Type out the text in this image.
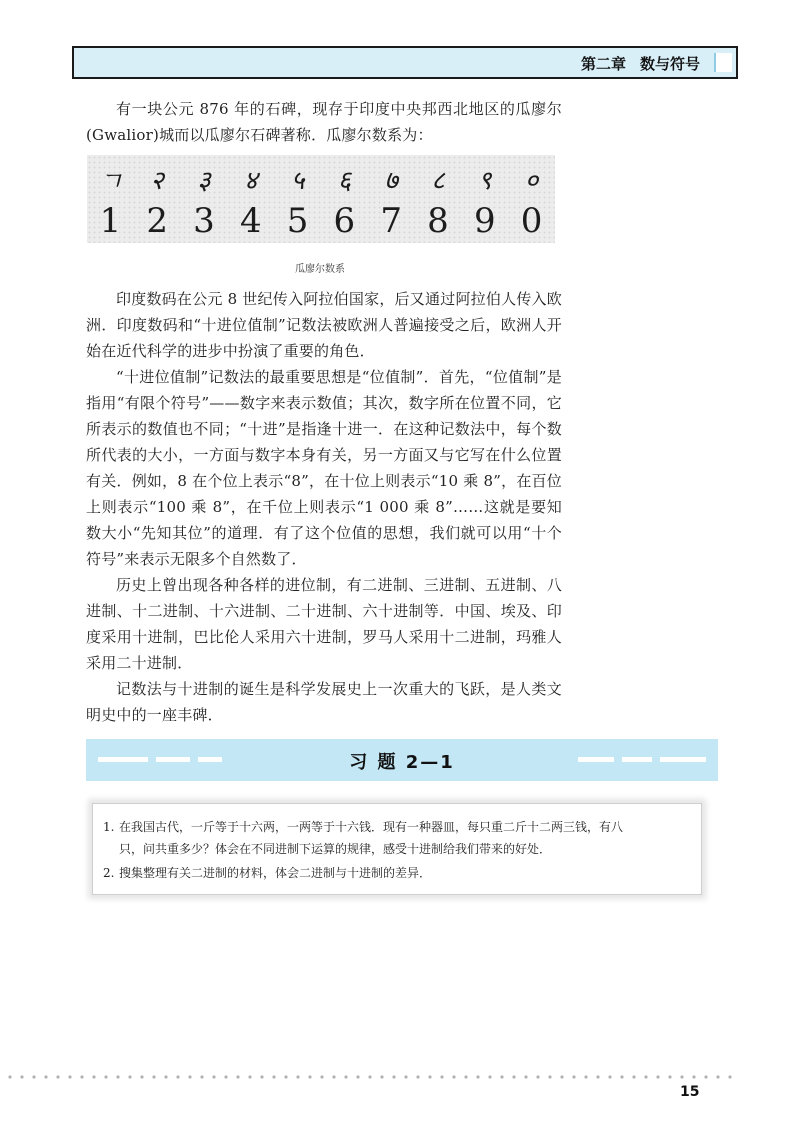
第二章 数与符号

有一块公元 876 年的石碑，现存于印度中央邦西北地区的瓜廖尔(Gwalior)城而以瓜廖尔石碑著称．瓜廖尔数系为：

ㄱ	२	३	४	५	६	७	८	९	०
1 2 3 4 5 6 7 8 9 0
瓜廖尔数系

印度数码在公元 8 世纪传入阿拉伯国家，后又通过阿拉伯人传入欧洲．印度数码和“十进位值制”记数法被欧洲人普遍接受之后，欧洲人开始在近代科学的进步中扮演了重要的角色．

“十进位值制”记数法的最重要思想是“位值制”．首先，“位值制”是指用“有限个符号”——数字来表示数值；其次，数字所在位置不同，它所表示的数值也不同；“十进”是指逢十进一．在这种记数法中，每个数所代表的大小，一方面与数字本身有关，另一方面又与它写在什么位置有关．例如，8 在个位上表示“8”，在十位上则表示“10 乘 8”，在百位上则表示“100 乘 8”，在千位上则表示“1 000 乘 8”……这就是要知数大小“先知其位”的道理．有了这个位值的思想，我们就可以用“十个符号”来表示无限多个自然数了．

历史上曾出现各种各样的进位制，有二进制、三进制、五进制、八进制、十二进制、十六进制、二十进制、六十进制等．中国、埃及、印度采用十进制，巴比伦人采用六十进制，罗马人采用十二进制，玛雅人采用二十进制．

记数法与十进制的诞生是科学发展史上一次重大的飞跃，是人类文明史中的一座丰碑．

习 题 2—1
1. 在我国古代，一斤等于十六两，一两等于十六钱．现有一种器皿，每只重二斤十二两三钱，有八
只，问共重多少？体会在不同进制下运算的规律，感受十进制给我们带来的好处．
2. 搜集整理有关二进制的材料，体会二进制与十进制的差异．
15
